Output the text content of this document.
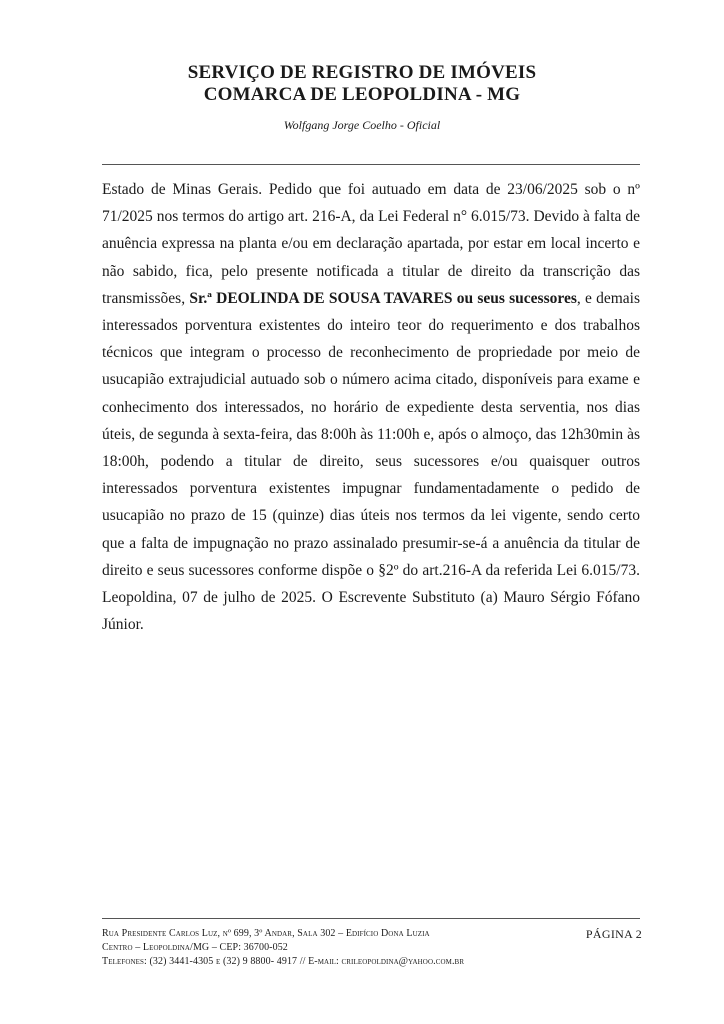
SERVIÇO DE REGISTRO DE IMÓVEIS
COMARCA DE LEOPOLDINA - MG
Wolfgang Jorge Coelho - Oficial
Estado de Minas Gerais. Pedido que foi autuado em data de 23/06/2025 sob o nº 71/2025 nos termos do artigo art. 216-A, da Lei Federal n° 6.015/73. Devido à falta de anuência expressa na planta e/ou em declaração apartada, por estar em local incerto e não sabido, fica, pelo presente notificada a titular de direito da transcrição das transmissões, Sr.ª DEOLINDA DE SOUSA TAVARES ou seus sucessores, e demais interessados porventura existentes do inteiro teor do requerimento e dos trabalhos técnicos que integram o processo de reconhecimento de propriedade por meio de usucapião extrajudicial autuado sob o número acima citado, disponíveis para exame e conhecimento dos interessados, no horário de expediente desta serventia, nos dias úteis, de segunda à sexta-feira, das 8:00h às 11:00h e, após o almoço, das 12h30min às 18:00h, podendo a titular de direito, seus sucessores e/ou quaisquer outros interessados porventura existentes impugnar fundamentadamente o pedido de usucapião no prazo de 15 (quinze) dias úteis nos termos da lei vigente, sendo certo que a falta de impugnação no prazo assinalado presumir-se-á a anuência da titular de direito e seus sucessores conforme dispõe o §2º do art.216-A da referida Lei 6.015/73. Leopoldina, 07 de julho de 2025. O Escrevente Substituto (a) Mauro Sérgio Fófano Júnior.
Rua Presidente Carlos Luz, nº 699, 3º Andar, Sala 302 – Edifício Dona Luzia
Centro – Leopoldina/MG – CEP: 36700-052
Telefones: (32) 3441-4305 e (32) 9 8800- 4917 // E-mail: crileopoldina@yahoo.com.br
PÁGINA 2
